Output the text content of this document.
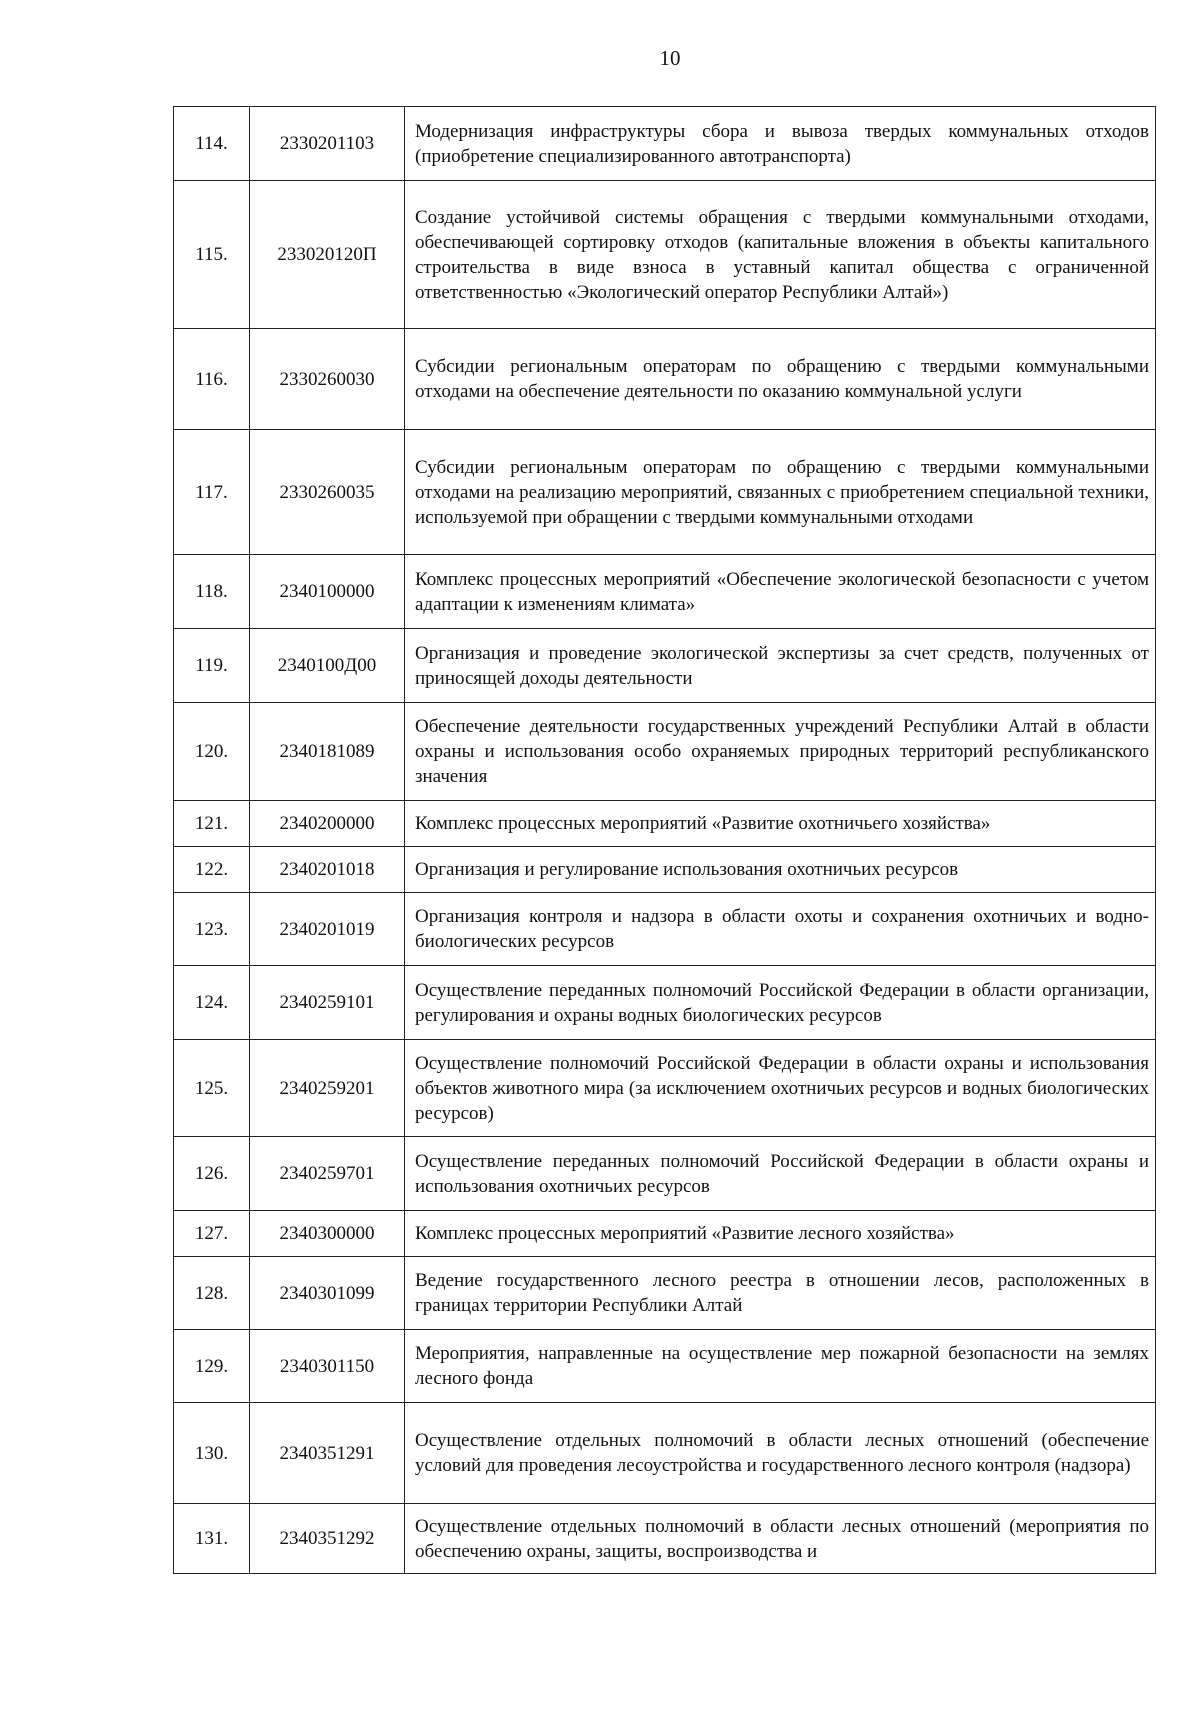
10
114.	2330201103	Модернизация инфраструктуры сбора и вывоза твердых коммунальных отходов (приобретение специализированного автотранспорта)
115.	233020120П	Создание устойчивой системы обращения с твердыми коммунальными отходами, обеспечивающей сортировку отходов (капитальные вложения в объекты капитального строительства в виде взноса в уставный капитал общества с ограниченной ответственностью «Экологический оператор Республики Алтай»)
116.	2330260030	Субсидии региональным операторам по обращению с твердыми коммунальными отходами на обеспечение деятельности по оказанию коммунальной услуги
117.	2330260035	Субсидии региональным операторам по обращению с твердыми коммунальными отходами на реализацию мероприятий, связанных с приобретением специальной техники, используемой при обращении с твердыми коммунальными отходами
118.	2340100000	Комплекс процессных мероприятий «Обеспечение экологической безопасности с учетом адаптации к изменениям климата»
119.	2340100Д00	Организация и проведение экологической экспертизы за счет средств, полученных от приносящей доходы деятельности
120.	2340181089	Обеспечение деятельности государственных учреждений Республики Алтай в области охраны и использования особо охраняемых природных территорий республиканского значения
121.	2340200000	Комплекс процессных мероприятий «Развитие охотничьего хозяйства»
122.	2340201018	Организация и регулирование использования охотничьих ресурсов
123.	2340201019	Организация контроля и надзора в области охоты и сохранения охотничьих и водно-биологических ресурсов
124.	2340259101	Осуществление переданных полномочий Российской Федерации в области организации, регулирования и охраны водных биологических ресурсов
125.	2340259201	Осуществление полномочий Российской Федерации в области охраны и использования объектов животного мира (за исключением охотничьих ресурсов и водных биологических ресурсов)
126.	2340259701	Осуществление переданных полномочий Российской Федерации в области охраны и использования охотничьих ресурсов
127.	2340300000	Комплекс процессных мероприятий «Развитие лесного хозяйства»
128.	2340301099	Ведение государственного лесного реестра в отношении лесов, расположенных в границах территории Республики Алтай
129.	2340301150	Мероприятия, направленные на осуществление мер пожарной безопасности на землях лесного фонда
130.	2340351291	Осуществление отдельных полномочий в области лесных отношений (обеспечение условий для проведения лесоустройства и государственного лесного контроля (надзора)
131.	2340351292	Осуществление отдельных полномочий в области лесных отношений (мероприятия по обеспечению охраны, защиты, воспроизводства и
